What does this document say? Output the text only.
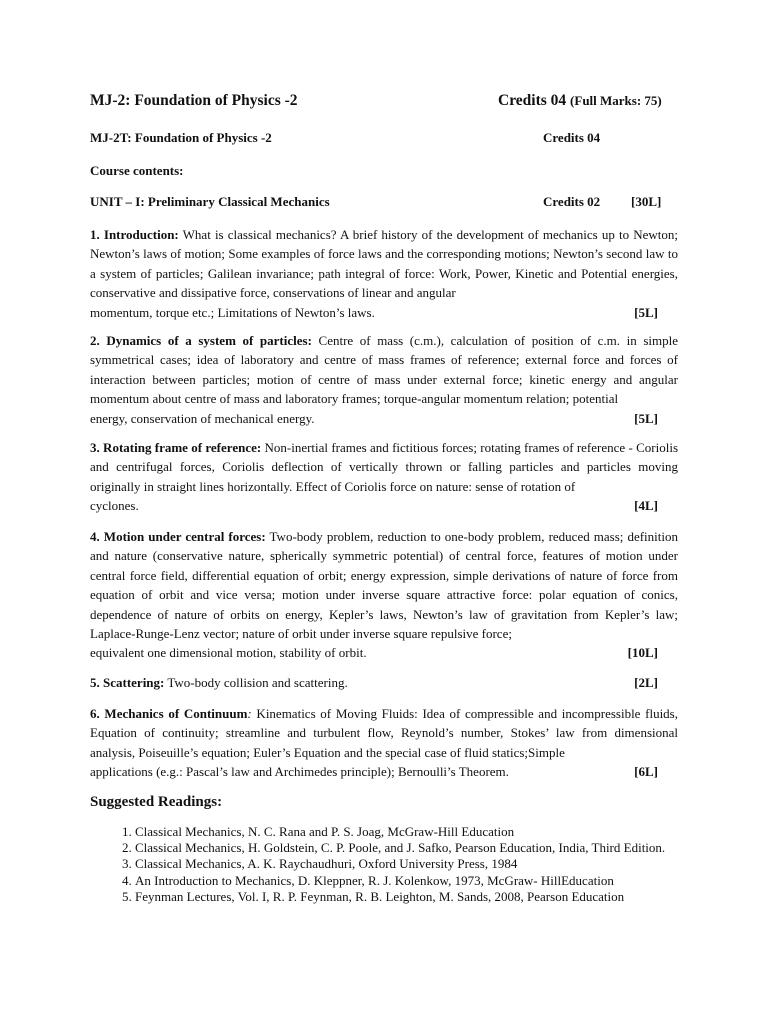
MJ-2: Foundation of Physics -2	Credits 04 (Full Marks: 75)
MJ-2T: Foundation of Physics -2	Credits 04
Course contents:
UNIT – I: Preliminary Classical Mechanics	Credits 02 [30L]
1. Introduction: What is classical mechanics? A brief history of the development of mechanics up to Newton; Newton’s laws of motion; Some examples of force laws and the corresponding motions; Newton’s second law to a system of particles; Galilean invariance; path integral of force: Work, Power, Kinetic and Potential energies, conservative and dissipative force, conservations of linear and angular
momentum, torque etc.; Limitations of Newton’s laws.	[5L]
2. Dynamics of a system of particles: Centre of mass (c.m.), calculation of position of c.m. in simple symmetrical cases; idea of laboratory and centre of mass frames of reference; external force and forces of interaction between particles; motion of centre of mass under external force; kinetic energy and angular momentum about centre of mass and laboratory frames; torque-angular momentum relation; potential
energy, conservation of mechanical energy.	[5L]
3. Rotating frame of reference: Non-inertial frames and fictitious forces; rotating frames of reference - Coriolis and centrifugal forces, Coriolis deflection of vertically thrown or falling particles and particles moving originally in straight lines horizontally. Effect of Coriolis force on nature: sense of rotation of
cyclones.	[4L]
4. Motion under central forces: Two-body problem, reduction to one-body problem, reduced mass; definition and nature (conservative nature, spherically symmetric potential) of central force, features of motion under central force field, differential equation of orbit; energy expression, simple derivations of nature of force from equation of orbit and vice versa; motion under inverse square attractive force: polar equation of conics, dependence of nature of orbits on energy, Kepler’s laws, Newton’s law of gravitation from Kepler’s law; Laplace-Runge-Lenz vector; nature of orbit under inverse square repulsive force;
equivalent one dimensional motion, stability of orbit.	[10L]
5. Scattering: Two-body collision and scattering.	[2L]
6. Mechanics of Continuum: Kinematics of Moving Fluids: Idea of compressible and incompressible fluids, Equation of continuity; streamline and turbulent flow, Reynold’s number, Stokes’ law from dimensional analysis, Poiseuille’s equation; Euler’s Equation and the special case of fluid statics;Simple
applications (e.g.: Pascal’s law and Archimedes principle); Bernoulli’s Theorem.	[6L]
Suggested Readings:
1. Classical Mechanics, N. C. Rana and P. S. Joag, McGraw-Hill Education
2. Classical Mechanics, H. Goldstein, C. P. Poole, and J. Safko, Pearson Education, India, Third Edition.
3. Classical Mechanics, A. K. Raychaudhuri, Oxford University Press, 1984
4. An Introduction to Mechanics, D. Kleppner, R. J. Kolenkow, 1973, McGraw- HillEducation
5. Feynman Lectures, Vol. I, R. P. Feynman, R. B. Leighton, M. Sands, 2008, Pearson Education
